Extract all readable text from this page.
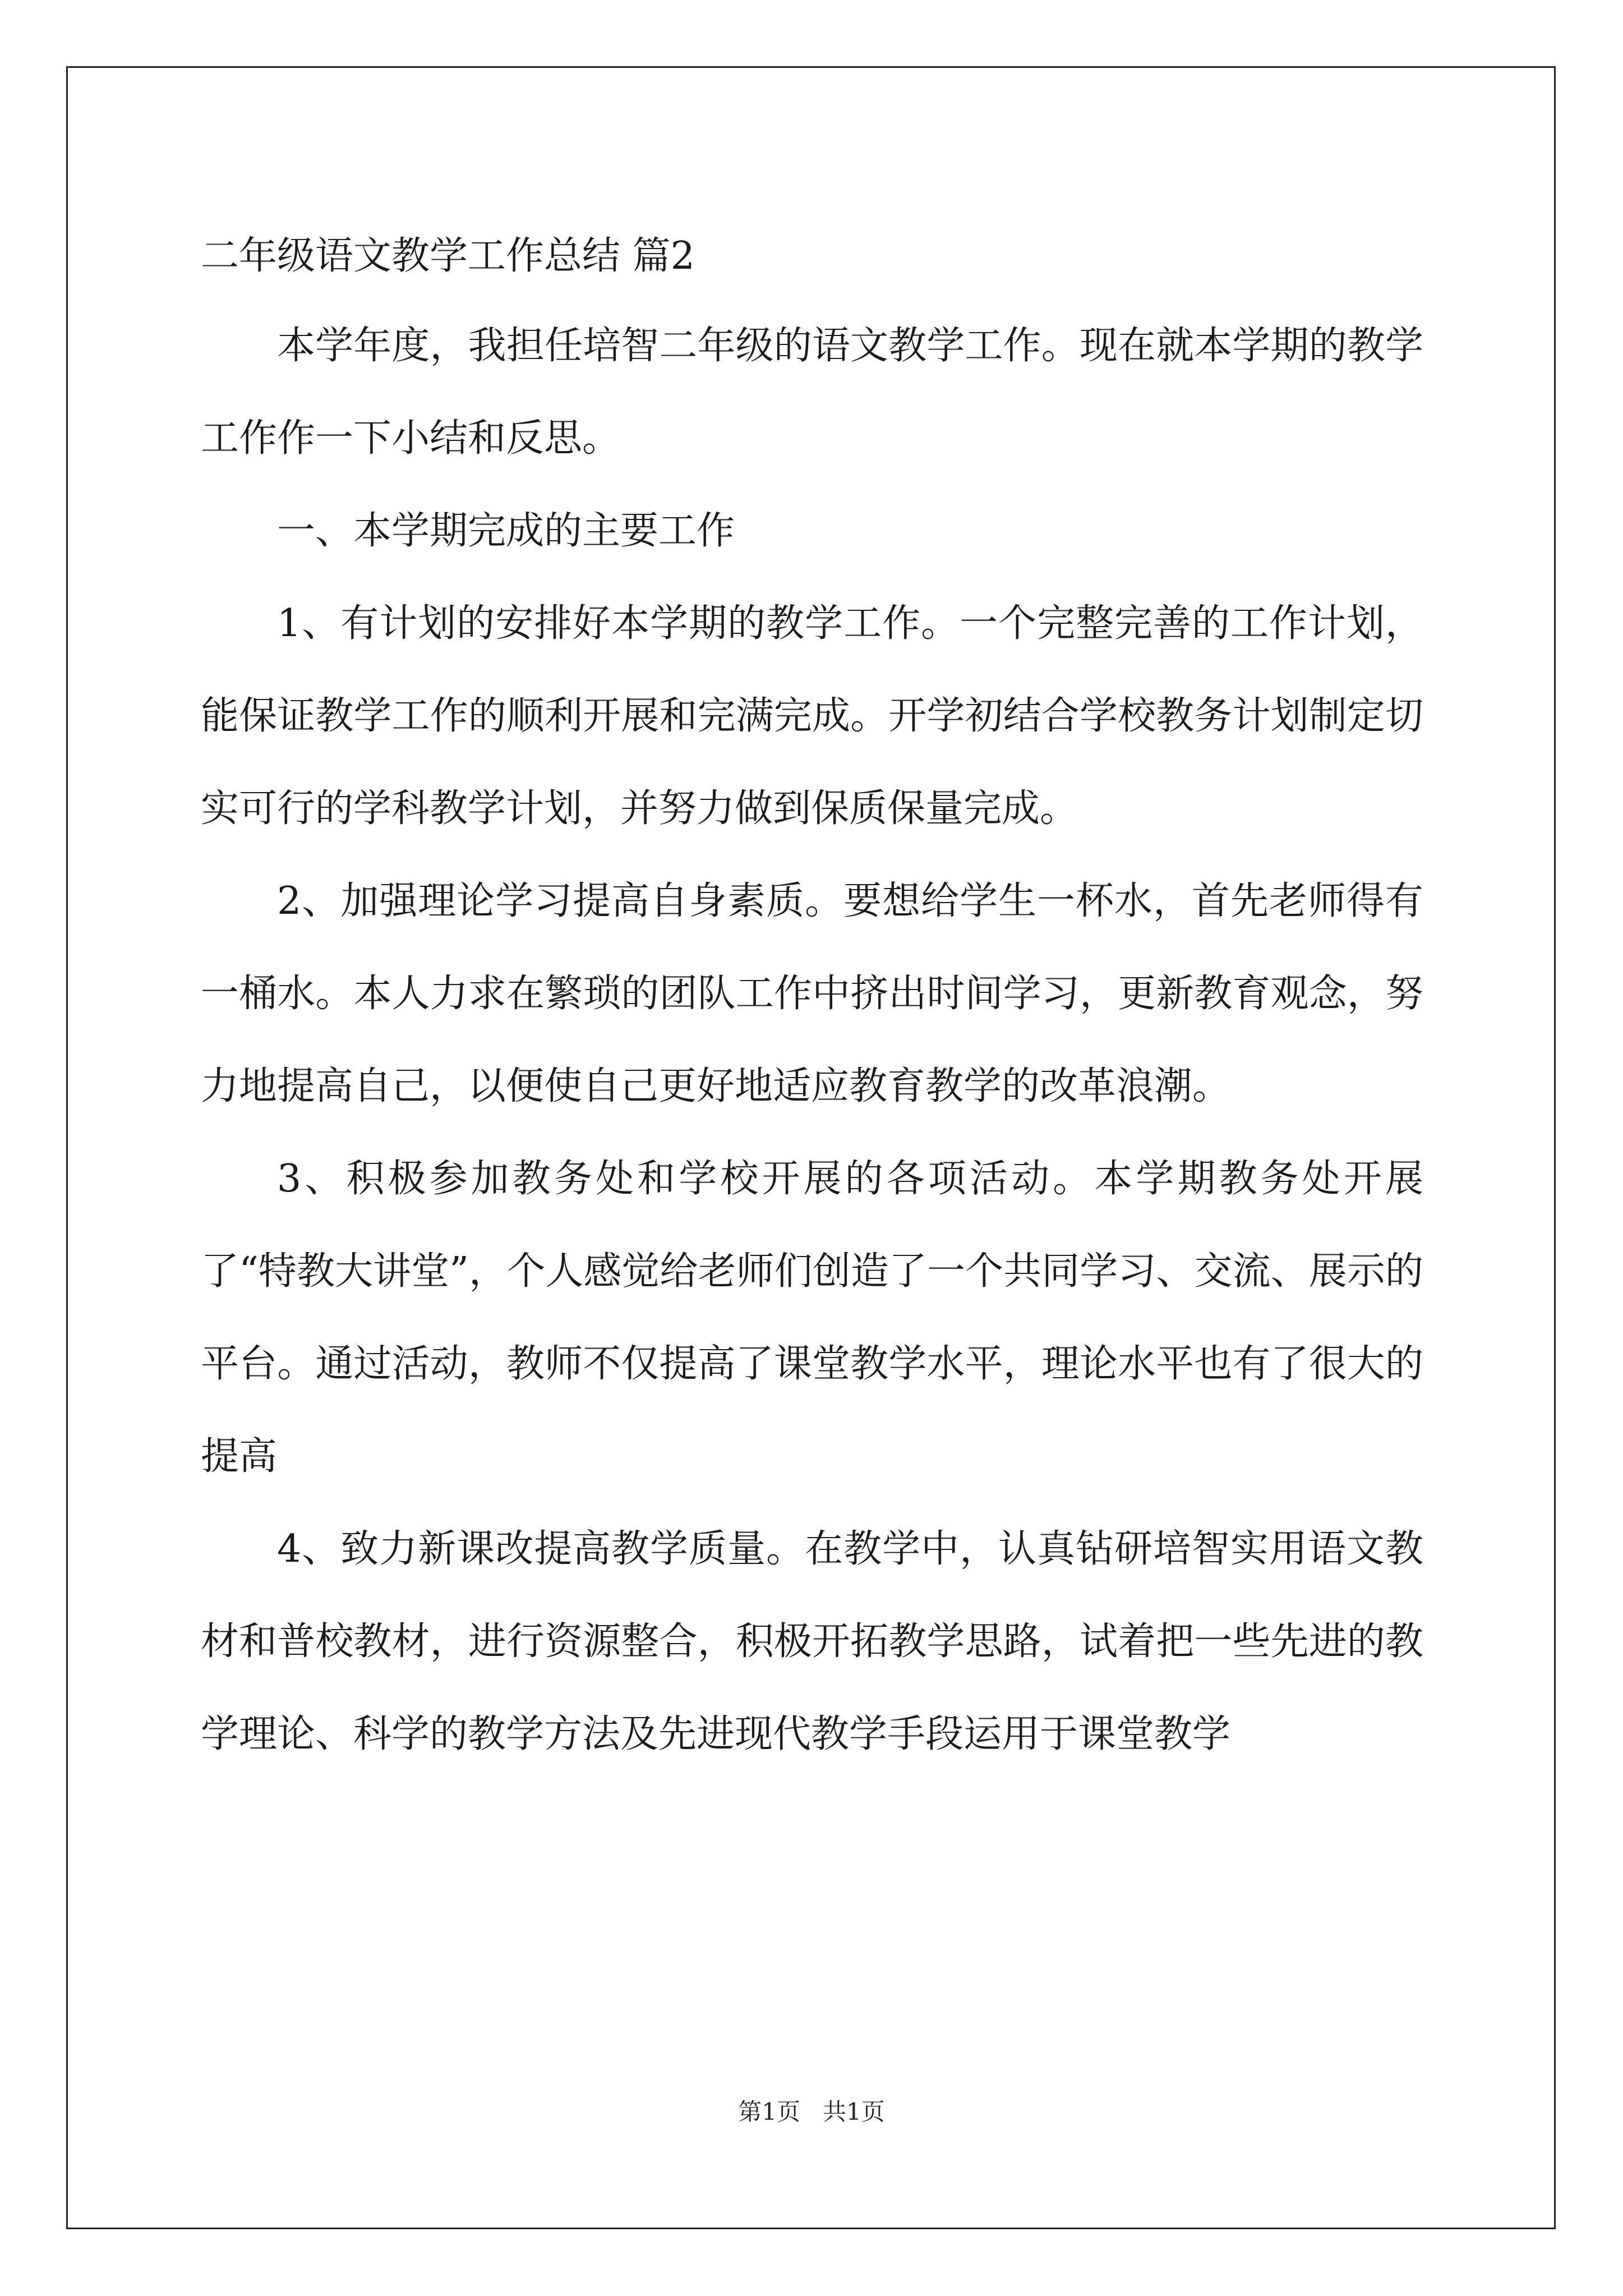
二年级语文教学工作总结 篇2

本学年度，我担任培智二年级的语文教学工作。现在就本学期的教学工作作一下小结和反思。

一、本学期完成的主要工作

1、有计划的安排好本学期的教学工作。一个完整完善的工作计划，能保证教学工作的顺利开展和完满完成。开学初结合学校教务计划制定切实可行的学科教学计划，并努力做到保质保量完成。

2、加强理论学习提高自身素质。要想给学生一杯水，首先老师得有一桶水。本人力求在繁琐的团队工作中挤出时间学习，更新教育观念，努力地提高自己，以便使自己更好地适应教育教学的改革浪潮。

3、积极参加教务处和学校开展的各项活动。本学期教务处开展了“特教大讲堂”，个人感觉给老师们创造了一个共同学习、交流、展示的平台。通过活动，教师不仅提高了课堂教学水平，理论水平也有了很大的提高

4、致力新课改提高教学质量。在教学中，认真钻研培智实用语文教材和普校教材，进行资源整合，积极开拓教学思路，试着把一些先进的教学理论、科学的教学方法及先进现代教学手段运用于课堂教学

第1页 共1页
